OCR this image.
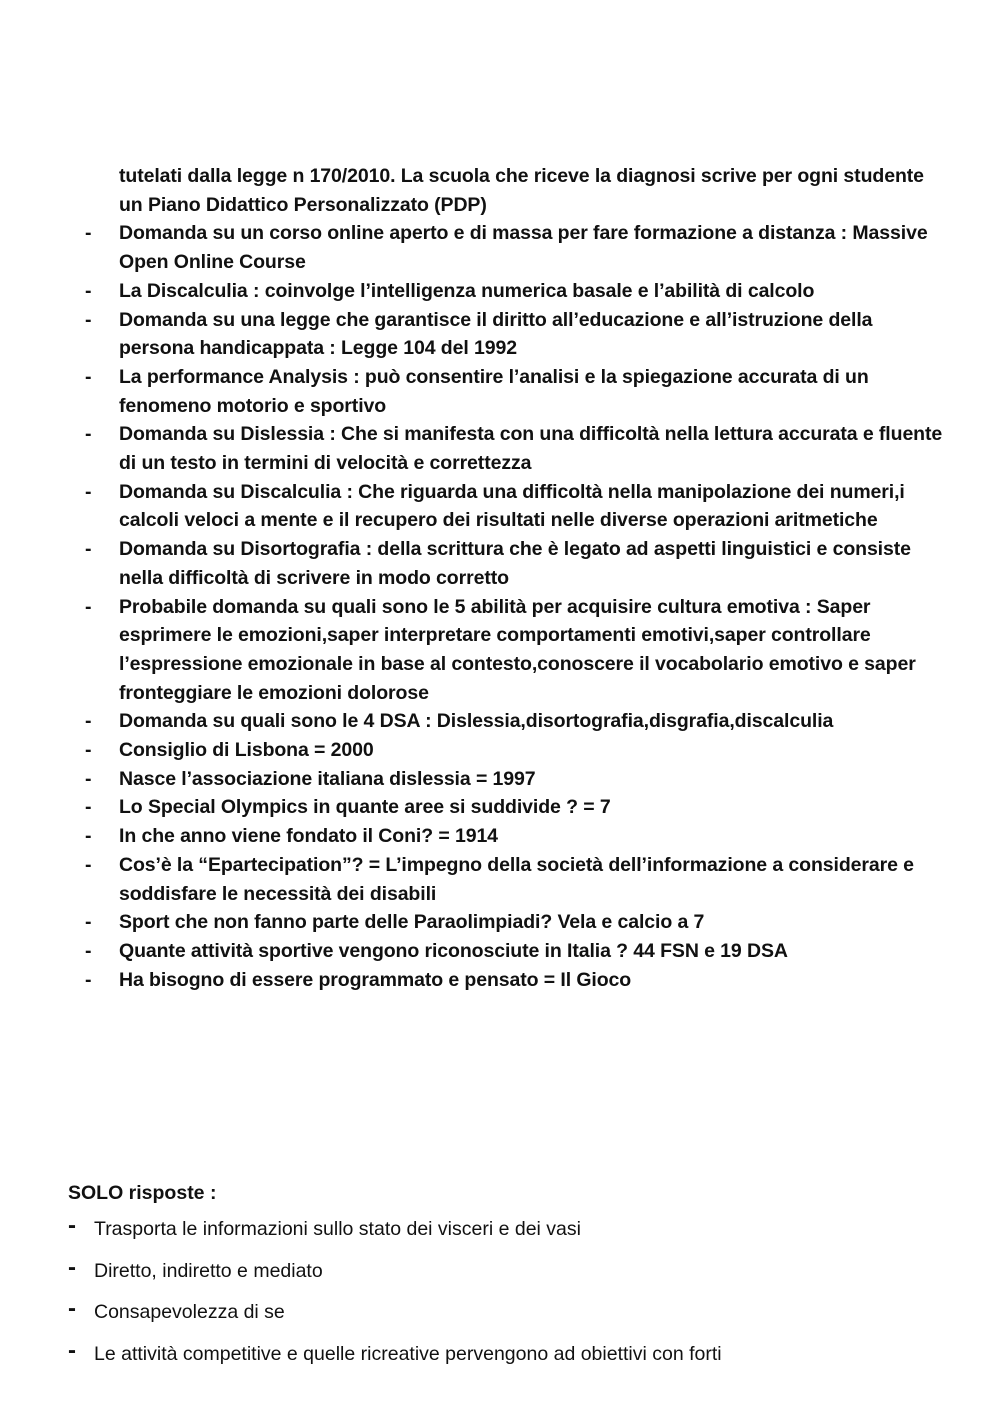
tutelati dalla legge n 170/2010. La scuola che riceve la diagnosi scrive per ogni studente un Piano Didattico Personalizzato (PDP)
-	Domanda su un corso online aperto e di massa per fare formazione a distanza : Massive Open Online Course
-	La Discalculia : coinvolge l’intelligenza numerica basale e l’abilità di calcolo
-	Domanda su una legge che garantisce il diritto all’educazione e all’istruzione della persona handicappata : Legge 104 del 1992
-	La performance Analysis : può consentire l’analisi e la spiegazione accurata di un fenomeno motorio e sportivo
-	Domanda su Dislessia : Che si manifesta con una difficoltà nella lettura accurata e fluente di un testo in termini di velocità e correttezza
-	Domanda su Discalculia : Che riguarda una difficoltà nella manipolazione dei numeri,i calcoli veloci a mente e il recupero dei risultati nelle diverse operazioni aritmetiche
-	Domanda su Disortografia : della scrittura che è legato ad aspetti linguistici e consiste nella difficoltà di scrivere in modo corretto
-	Probabile domanda su quali sono le 5 abilità per acquisire cultura emotiva : Saper esprimere le emozioni,saper interpretare comportamenti emotivi,saper controllare l’espressione emozionale in base al contesto,conoscere il vocabolario emotivo e saper fronteggiare le emozioni dolorose
-	Domanda su quali sono le 4 DSA : Dislessia,disortografia,disgrafia,discalculia
-	Consiglio di Lisbona = 2000
-	Nasce l’associazione italiana dislessia = 1997
-	Lo Special Olympics in quante aree si suddivide ? = 7
-	In che anno viene fondato il Coni? = 1914
-	Cos’è la “Epartecipation”? = L’impegno della società dell’informazione a considerare e soddisfare le necessità dei disabili
-	Sport che non fanno parte delle Paraolimpiadi? Vela e calcio a 7
-	Quante attività sportive vengono riconosciute in Italia ? 44 FSN e 19 DSA
-	Ha bisogno di essere programmato e pensato = Il Gioco

SOLO risposte :

- Trasporta le informazioni sullo stato dei visceri e dei vasi
- Diretto, indiretto e mediato
- Consapevolezza di se
- Le attività competitive e quelle ricreative pervengono ad obiettivi con forti
